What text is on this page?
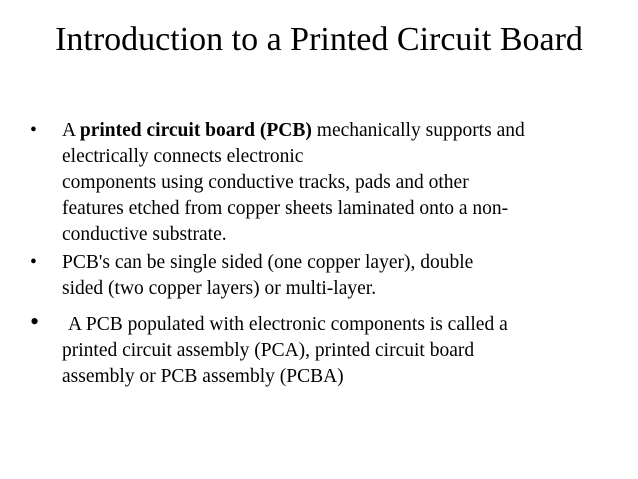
Introduction to a Printed Circuit Board
• A printed circuit board (PCB) mechanically supports and
electrically connects electronic
components using conductive tracks, pads and other
features etched from copper sheets laminated onto a non-
conductive substrate.
• PCB's can be single sided (one copper layer), double
sided (two copper layers) or multi-layer.
•	A PCB populated with electronic components is called a
printed circuit assembly (PCA), printed circuit board
assembly or PCB assembly (PCBA)
